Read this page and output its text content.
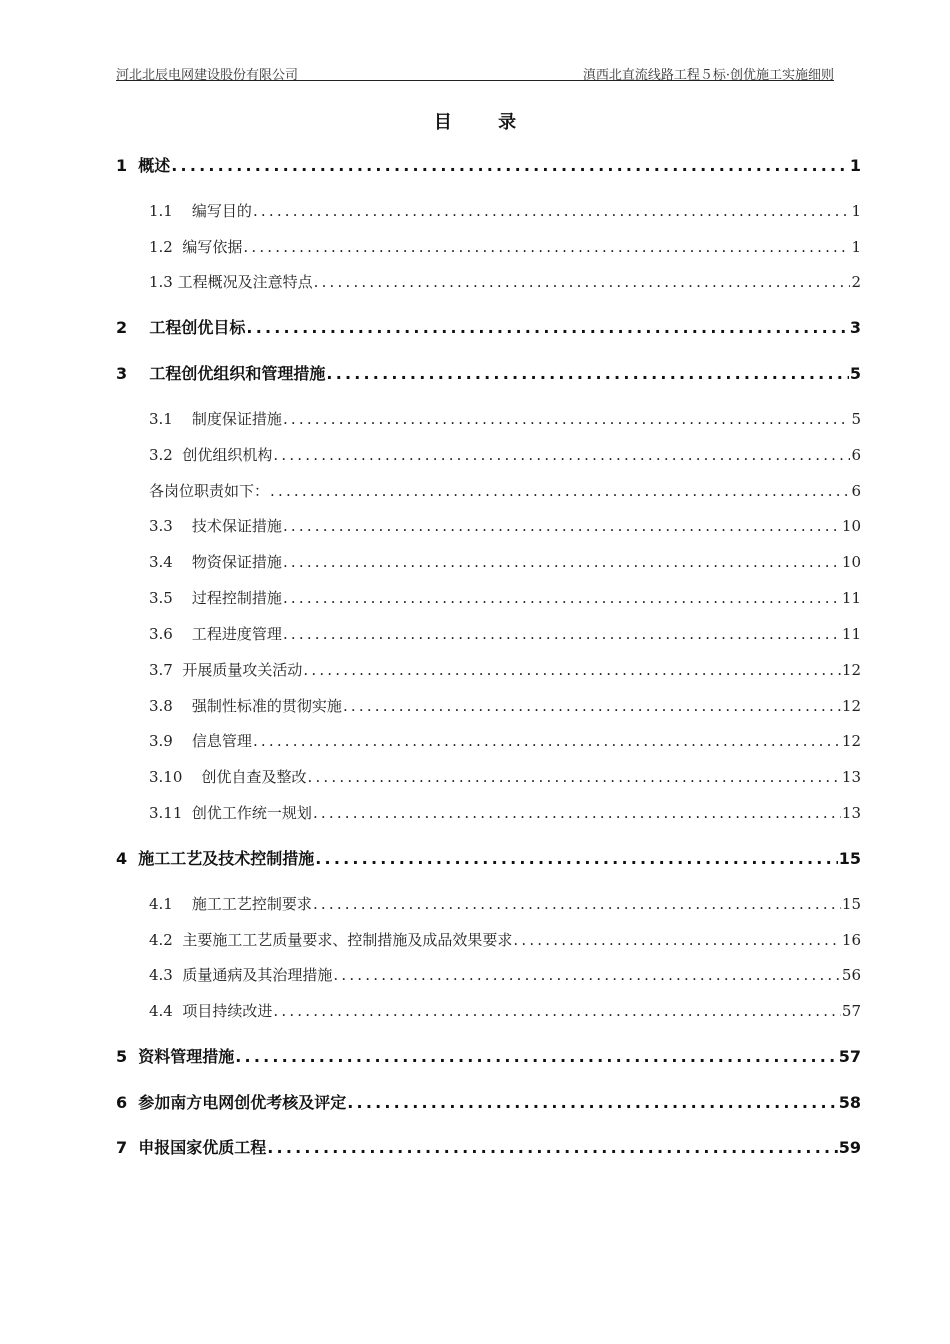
河北北辰电网建设股份有限公司	滇西北直流线路工程５标·创优施工实施细则
目 录
1  概述 .....	1
1.1    编写目的 .....	1
1.2  编写依据 .....	1
1.3 工程概况及注意特点 .....	2
2    工程创优目标 .....	3
3    工程创优组织和管理措施 .....	5
3.1    制度保证措施 .....	5
3.2  创优组织机构 .....	6
各岗位职责如下： .....	6
3.3    技术保证措施 .....	10
3.4    物资保证措施 .....	10
3.5    过程控制措施 .....	11
3.6    工程进度管理 .....	11
3.7  开展质量攻关活动 .....	12
3.8    强制性标准的贯彻实施 .....	12
3.9    信息管理 .....	12
3.10    创优自查及整改 .....	13
3.11  创优工作统一规划 .....	13
4  施工工艺及技术控制措施 .....	15
4.1    施工工艺控制要求 .....	15
4.2  主要施工工艺质量要求、控制措施及成品效果要求 .....	16
4.3  质量通病及其治理措施 .....	56
4.4  项目持续改进 .....	57
5  资料管理措施 .....	57
6  参加南方电网创优考核及评定 .....	58
7  申报国家优质工程 .....	59
